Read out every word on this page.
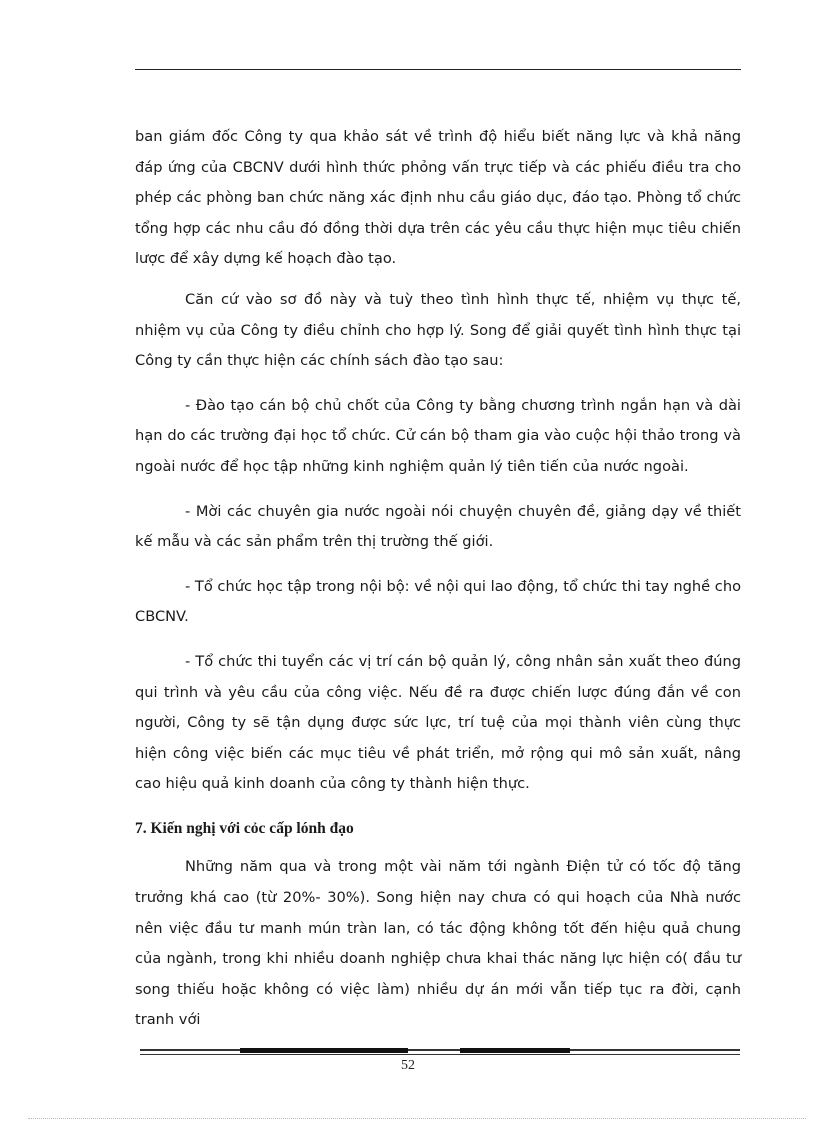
ban giám đốc Công ty qua khảo sát về trình độ hiểu biết năng lực và khả năng đáp ứng của CBCNV dưới hình thức phỏng vấn trực tiếp và các phiếu điều tra cho phép các phòng ban chức năng xác định nhu cầu giáo dục, đáo tạo. Phòng tổ chức tổng hợp các nhu cầu đó đồng thời dựa trên các yêu cầu thực hiện mục tiêu chiến lược để xây dựng kế hoạch đào tạo.

Căn cứ vào sơ đồ này và tuỳ theo tình hình thực tế, nhiệm vụ thực tế, nhiệm vụ của Công ty điều chỉnh cho hợp lý. Song để giải quyết tình hình thực tại Công ty cần thực hiện các chính sách đào tạo sau:

- Đào tạo cán bộ chủ chốt của Công ty bằng chương trình ngắn hạn và dài hạn do các trường đại học tổ chức. Cử cán bộ tham gia vào cuộc hội thảo trong và ngoài nước để học tập những kinh nghiệm quản lý tiên tiến của nước ngoài.

- Mời các chuyên gia nước ngoài nói chuyện chuyên đề, giảng dạy về thiết kế mẫu và các sản phẩm trên thị trường thế giới.

- Tổ chức học tập trong nội bộ: về nội qui lao động, tổ chức thi tay nghề cho CBCNV.

- Tổ chức thi tuyển các vị trí cán bộ quản lý, công nhân sản xuất theo đúng qui trình và yêu cầu của công việc. Nếu đề ra được chiến lược đúng đắn về con người, Công ty sẽ tận dụng được sức lực, trí tuệ của mọi thành viên cùng thực hiện công việc biến các mục tiêu về phát triển, mở rộng qui mô sản xuất, nâng cao hiệu quả kinh doanh của công ty thành hiện thực.

7. Kiến nghị với cỏc cấp lónh đạo

Những năm qua và trong một vài năm tới ngành Điện tử có tốc độ tăng trưởng khá cao (từ 20%- 30%). Song hiện nay chưa có qui hoạch của Nhà nước nên việc đầu tư manh mún tràn lan, có tác động không tốt đến hiệu quả chung của ngành, trong khi nhiều doanh nghiệp chưa khai thác năng lực hiện có( đầu tư song thiếu hoặc không có việc làm) nhiều dự án mới vẫn tiếp tục ra đời, cạnh tranh với

52
